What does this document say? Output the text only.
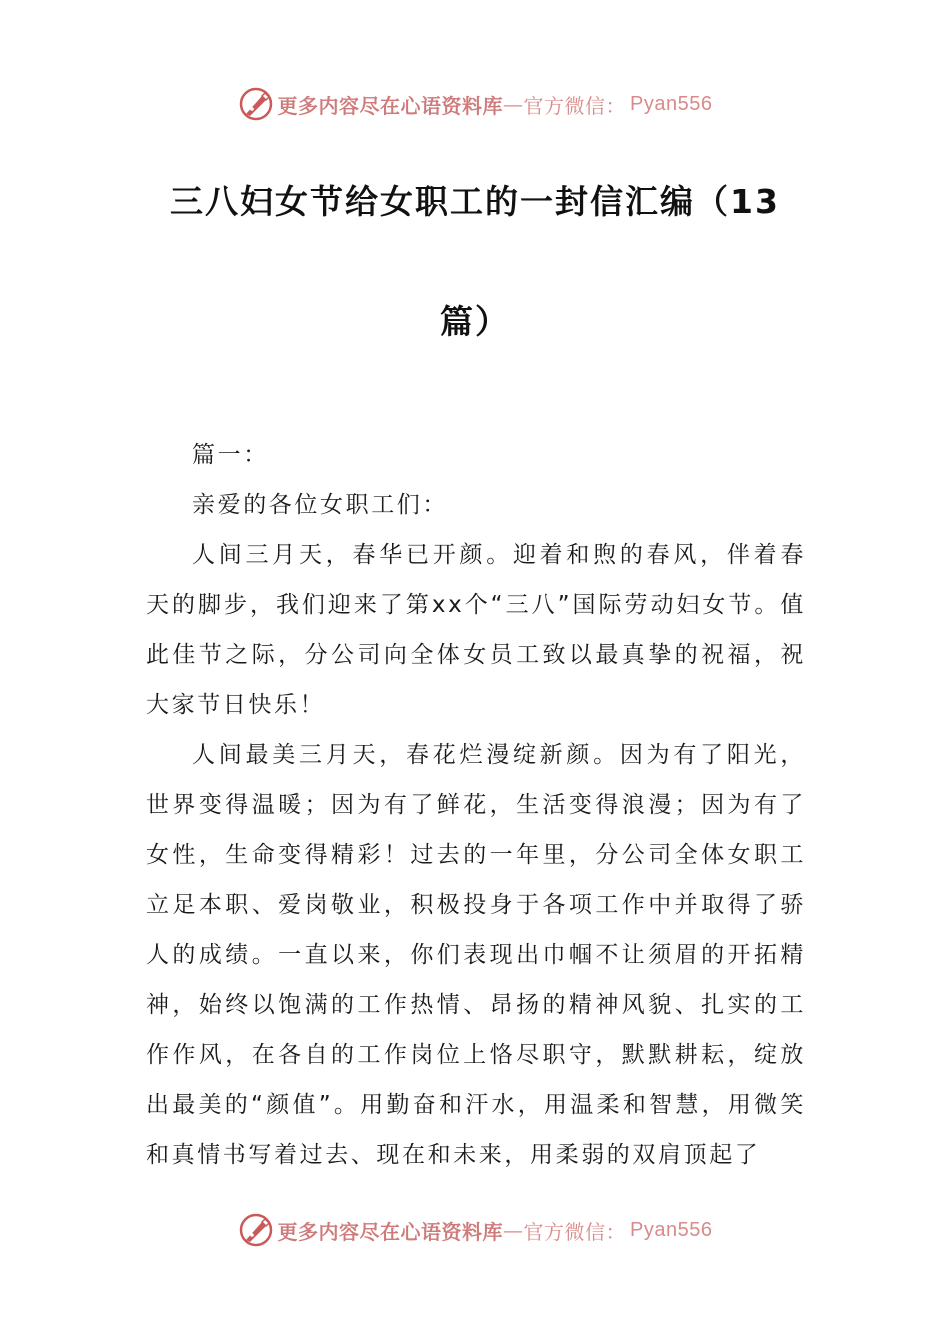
更多内容尽在心语资料库 — 官方微信： Pyan556
三八妇女节给女职工的一封信汇编（13
篇）

篇一：

亲爱的各位女职工们：

人间三月天，春华已开颜。迎着和煦的春风，伴着春天的脚步，我们迎来了第xx个“三八”国际劳动妇女节。值此佳节之际，分公司向全体女员工致以最真挚的祝福，祝大家节日快乐！

人间最美三月天，春花烂漫绽新颜。因为有了阳光，世界变得温暖；因为有了鲜花，生活变得浪漫；因为有了女性，生命变得精彩！过去的一年里，分公司全体女职工立足本职、爱岗敬业，积极投身于各项工作中并取得了骄人的成绩。一直以来，你们表现出巾帼不让须眉的开拓精神，始终以饱满的工作热情、昂扬的精神风貌、扎实的工作作风，在各自的工作岗位上恪尽职守，默默耕耘，绽放出最美的“颜值”。用勤奋和汗水，用温柔和智慧，用微笑和真情书写着过去、现在和未来，用柔弱的双肩顶起了

更多内容尽在心语资料库 — 官方微信： Pyan556
